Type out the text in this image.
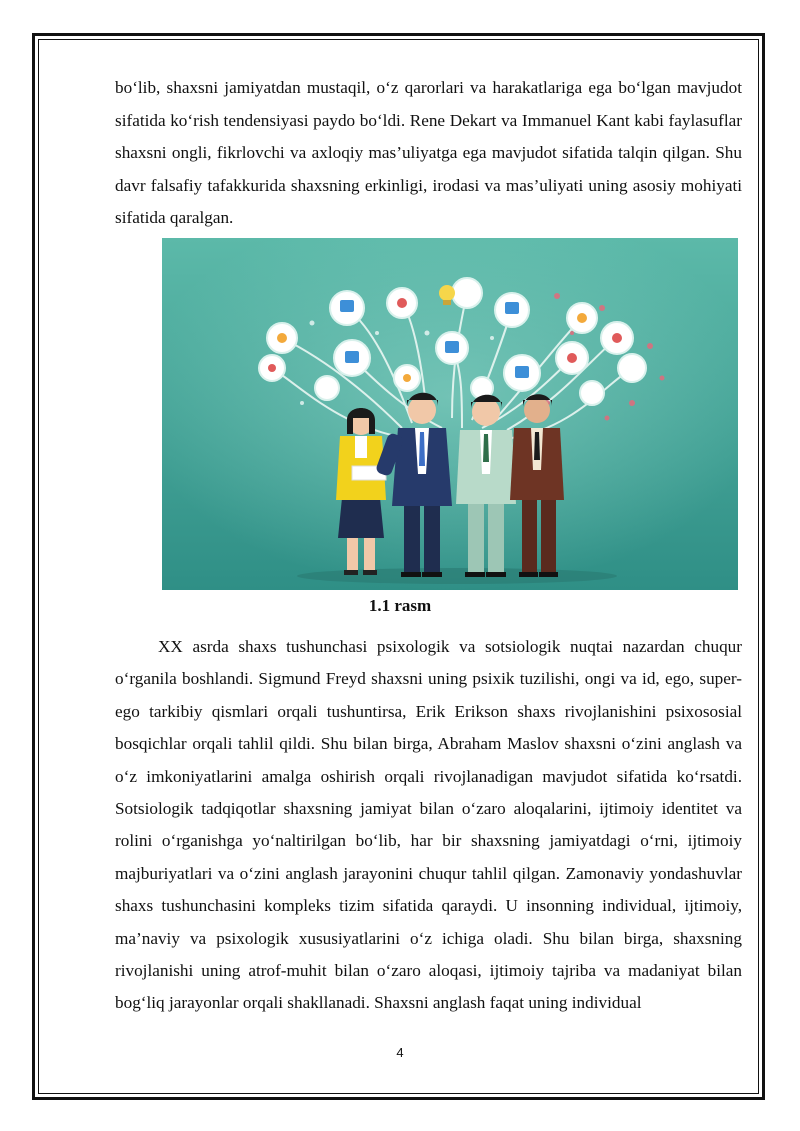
bo‘lib, shaxsni jamiyatdan mustaqil, o‘z qarorlari va harakatlariga ega bo‘lgan mavjudot sifatida ko‘rish tendensiyasi paydo bo‘ldi. Rene Dekart va Immanuel Kant kabi faylasuflar shaxsni ongli, fikrlovchi va axloqiy mas’uliyatga ega mavjudot sifatida talqin qilgan. Shu davr falsafiy tafakkurida shaxsning erkinligi, irodasi va mas’uliyati uning asosiy mohiyati sifatida qaralgan.

1.1 rasm

XX asrda shaxs tushunchasi psixologik va sotsiologik nuqtai nazardan chuqur o‘rganila boshlandi. Sigmund Freyd shaxsni uning psixik tuzilishi, ongi va id, ego, super-ego tarkibiy qismlari orqali tushuntirsa, Erik Erikson shaxs rivojlanishini psixososial bosqichlar orqali tahlil qildi. Shu bilan birga, Abraham Maslov shaxsni o‘zini anglash va o‘z imkoniyatlarini amalga oshirish orqali rivojlanadigan mavjudot sifatida ko‘rsatdi. Sotsiologik tadqiqotlar shaxsning jamiyat bilan o‘zaro aloqalarini, ijtimoiy identitet va rolini o‘rganishga yo‘naltirilgan bo‘lib, har bir shaxsning jamiyatdagi o‘rni, ijtimoiy majburiyatlari va o‘zini anglash jarayonini chuqur tahlil qilgan. Zamonaviy yondashuvlar shaxs tushunchasini kompleks tizim sifatida qaraydi. U insonning individual, ijtimoiy, ma’naviy va psixologik xususiyatlarini o‘z ichiga oladi. Shu bilan birga, shaxsning rivojlanishi uning atrof-muhit bilan o‘zaro aloqasi, ijtimoiy tajriba va madaniyat bilan bog‘liq jarayonlar orqali shakllanadi. Shaxsni anglash faqat uning individual

4
